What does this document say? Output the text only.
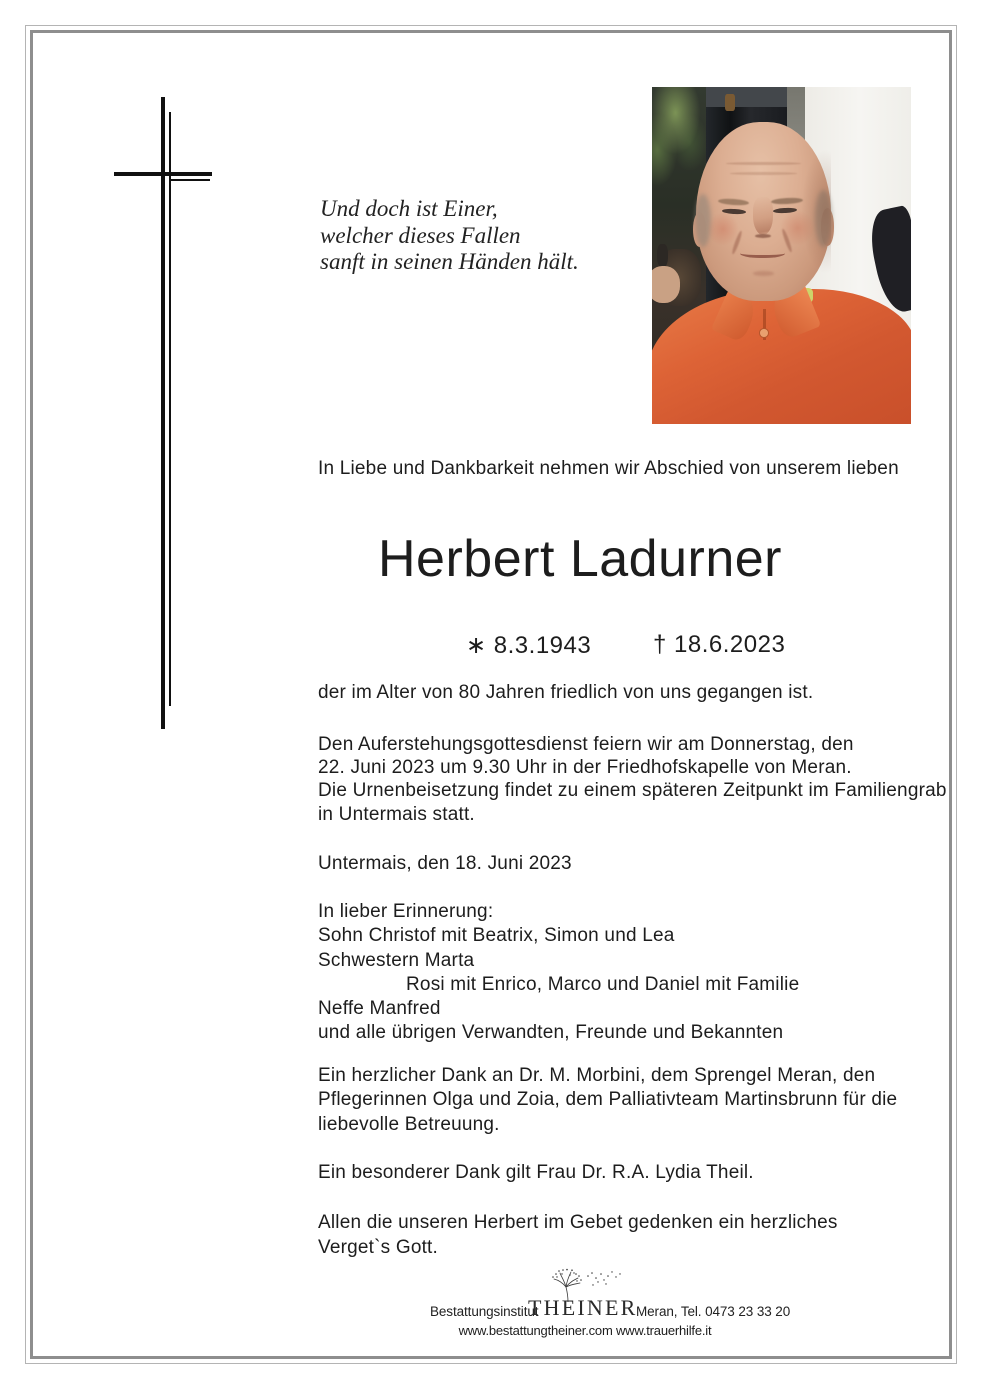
Und doch ist Einer,
welcher dieses Fallen
sanft in seinen Händen hält.
In Liebe und Dankbarkeit nehmen wir Abschied von unserem lieben
Herbert Ladurner
∗ 8.3.1943	† 18.6.2023
der im Alter von 80 Jahren friedlich von uns gegangen ist.
Den Auferstehungsgottesdienst feiern wir am Donnerstag, den
22. Juni 2023 um 9.30 Uhr in der Friedhofskapelle von Meran.
Die Urnenbeisetzung findet zu einem späteren Zeitpunkt im Familiengrab
in Untermais statt.
Untermais, den 18. Juni 2023
In lieber Erinnerung:
Sohn Christof mit Beatrix, Simon und Lea
Schwestern Marta
Rosi mit Enrico, Marco und Daniel mit Familie
Neffe Manfred
und alle übrigen Verwandten, Freunde und Bekannten
Ein herzlicher Dank an Dr. M. Morbini, dem Sprengel Meran, den
Pflegerinnen Olga und Zoia, dem Palliativteam Martinsbrunn für die
liebevolle Betreuung.
Ein besonderer Dank gilt Frau Dr. R.A. Lydia Theil.
Allen die unseren Herbert im Gebet gedenken ein herzliches
Verget`s Gott.
Bestattungsinstitut
THEINER
Meran, Tel. 0473 23 33 20
www.bestattungtheiner.com www.trauerhilfe.it
